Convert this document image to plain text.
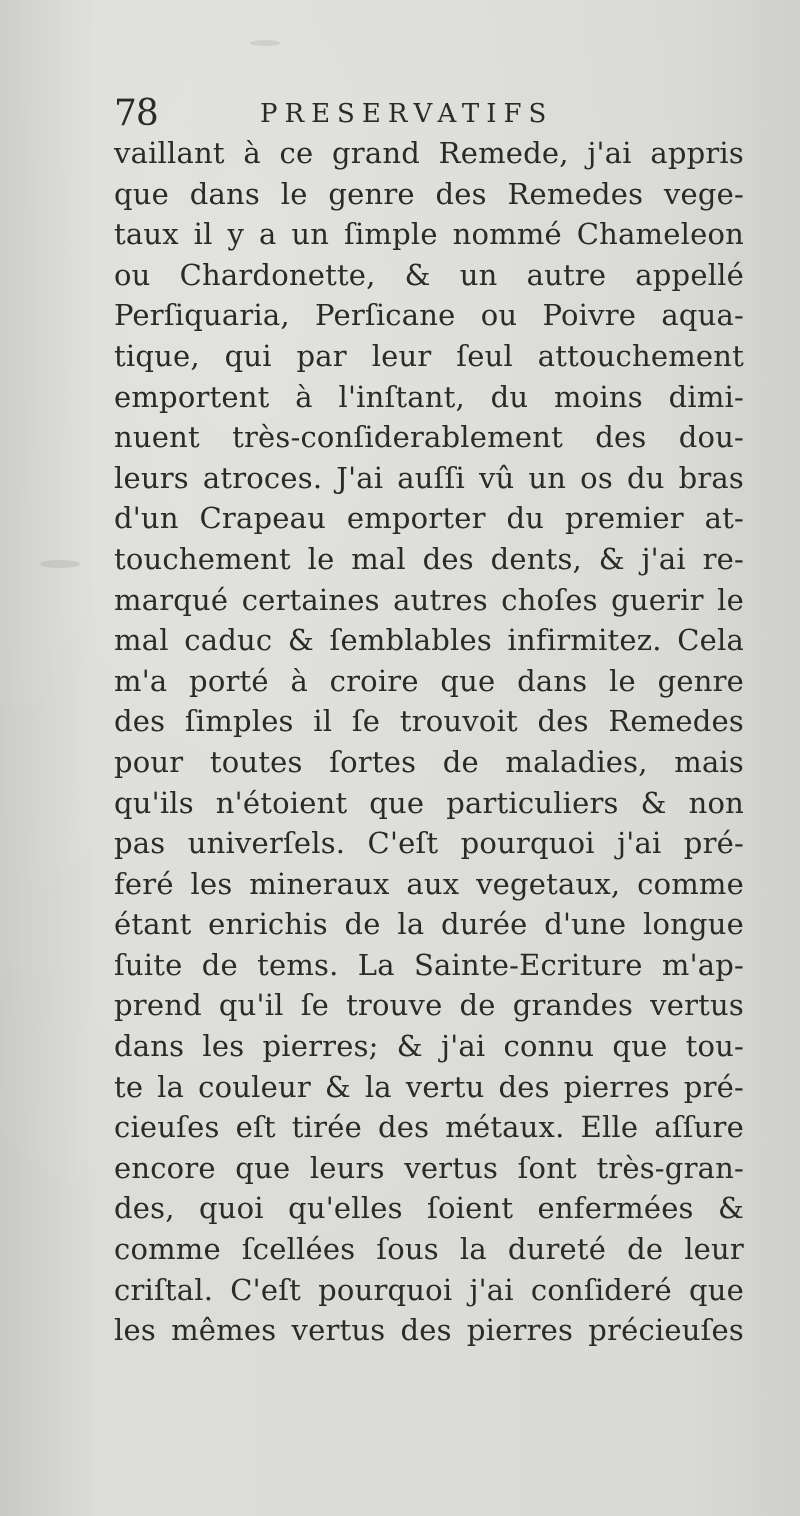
78	PRESERVATIFS
vaillant à ce grand Remede, j'ai appris
que dans le genre des Remedes vege-
taux il y a un ſimple nommé Chameleon
ou Chardonette, & un autre appellé
Perſiquaria, Perſicane ou Poivre aqua-
tique, qui par leur ſeul attouchement
emportent à l'inſtant, du moins dimi-
nuent très-conſiderablement des dou-
leurs atroces. J'ai auſſi vû un os du bras
d'un Crapeau emporter du premier at-
touchement le mal des dents, & j'ai re-
marqué certaines autres choſes guerir le
mal caduc & ſemblables infirmitez. Cela
m'a porté à croire que dans le genre
des ſimples il ſe trouvoit des Remedes
pour toutes ſortes de maladies, mais
qu'ils n'étoient que particuliers & non
pas univerſels. C'eſt pourquoi j'ai pré-
feré les mineraux aux vegetaux, comme
étant enrichis de la durée d'une longue
ſuite de tems. La Sainte-Ecriture m'ap-
prend qu'il ſe trouve de grandes vertus
dans les pierres; & j'ai connu que tou-
te la couleur & la vertu des pierres pré-
cieuſes eſt tirée des métaux. Elle aſſure
encore que leurs vertus ſont très-gran-
des, quoi qu'elles ſoient enfermées &
comme ſcellées ſous la dureté de leur
criſtal. C'eſt pourquoi j'ai conſideré que
les mêmes vertus des pierres précieuſes
